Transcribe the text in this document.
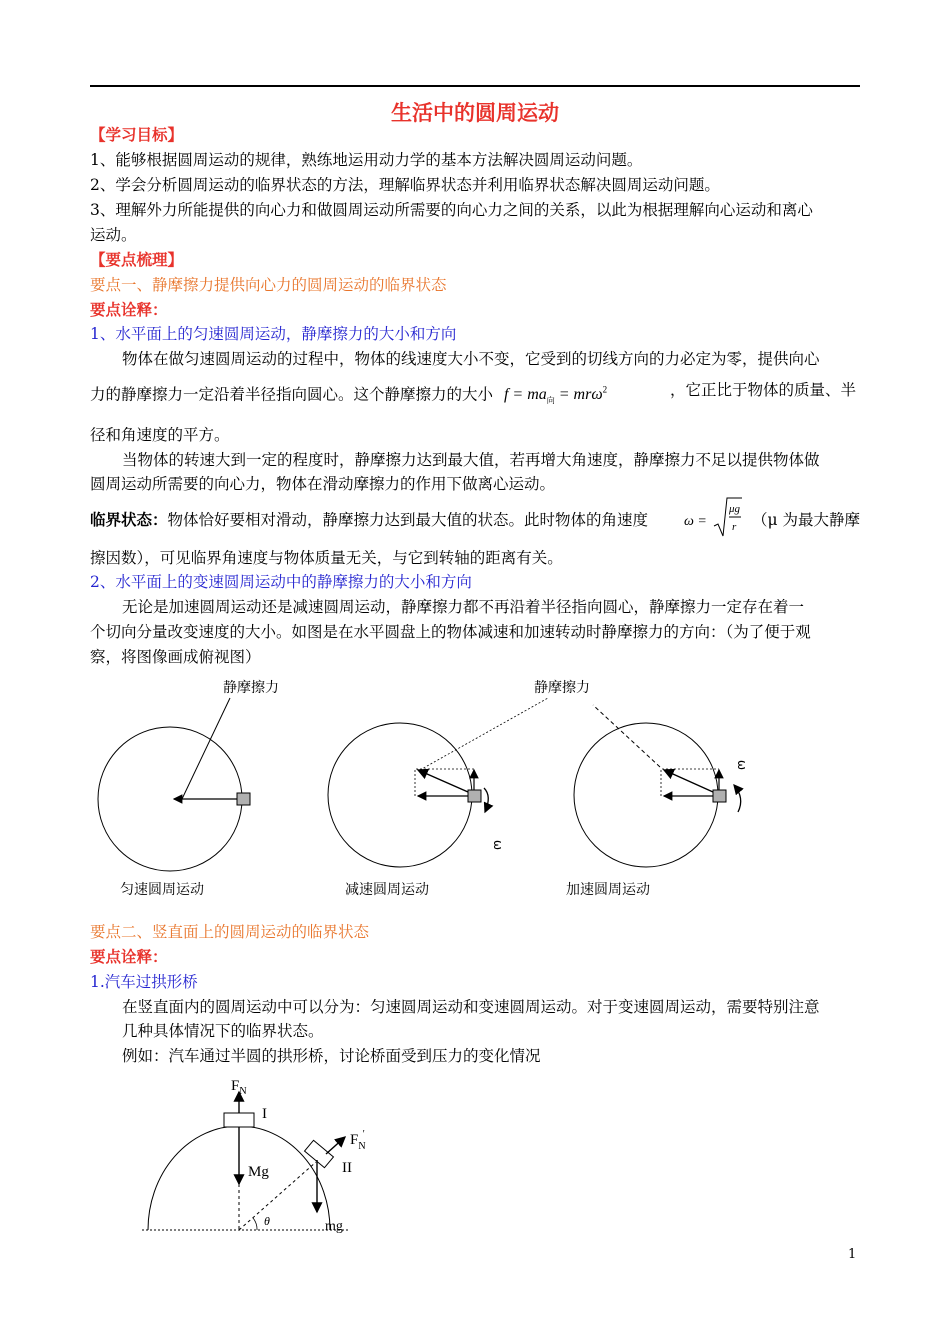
生活中的圆周运动
【学习目标】
1、能够根据圆周运动的规律，熟练地运用动力学的基本方法解决圆周运动问题。
2、学会分析圆周运动的临界状态的方法，理解临界状态并利用临界状态解决圆周运动问题。
3、理解外力所能提供的向心力和做圆周运动所需要的向心力之间的关系，以此为根据理解向心运动和离心
运动。
【要点梳理】
要点一、静摩擦力提供向心力的圆周运动的临界状态
要点诠释：
1、水平面上的匀速圆周运动，静摩擦力的大小和方向
物体在做匀速圆周运动的过程中，物体的线速度大小不变，它受到的切线方向的力必定为零，提供向心
力的静摩擦力一定沿着半径指向圆心。这个静摩擦力的大小 $f = ma_向 = mr\omega^2$	，它正比于物体的质量、半
径和角速度的平方。
当物体的转速大到一定的程度时，静摩擦力达到最大值，若再增大角速度，静摩擦力不足以提供物体做
圆周运动所需要的向心力，物体在滑动摩擦力的作用下做离心运动。
临界状态：物体恰好要相对滑动，静摩擦力达到最大值的状态。此时物体的角速度	ω =
μg
r （μ 为最大静摩
擦因数），可见临界角速度与物体质量无关，与它到转轴的距离有关。
2、水平面上的变速圆周运动中的静摩擦力的大小和方向
无论是加速圆周运动还是减速圆周运动，静摩擦力都不再沿着半径指向圆心，静摩擦力一定存在着一
个切向分量改变速度的大小。如图是在水平圆盘上的物体减速和加速转动时静摩擦力的方向：（为了便于观
察，将图像画成俯视图）
静摩擦力	静摩擦力
匀速圆周运动
ω
减速圆周运动
ω
加速圆周运动
要点二、竖直面上的圆周运动的临界状态
要点诠释：
1.汽车过拱形桥
在竖直面内的圆周运动中可以分为：匀速圆周运动和变速圆周运动。对于变速圆周运动，需要特别注意
几种具体情况下的临界状态。
例如：汽车通过半圆的拱形桥，讨论桥面受到压力的变化情况
$F_N$
I
Mg
$F_N'$
II
mg
θ
1
